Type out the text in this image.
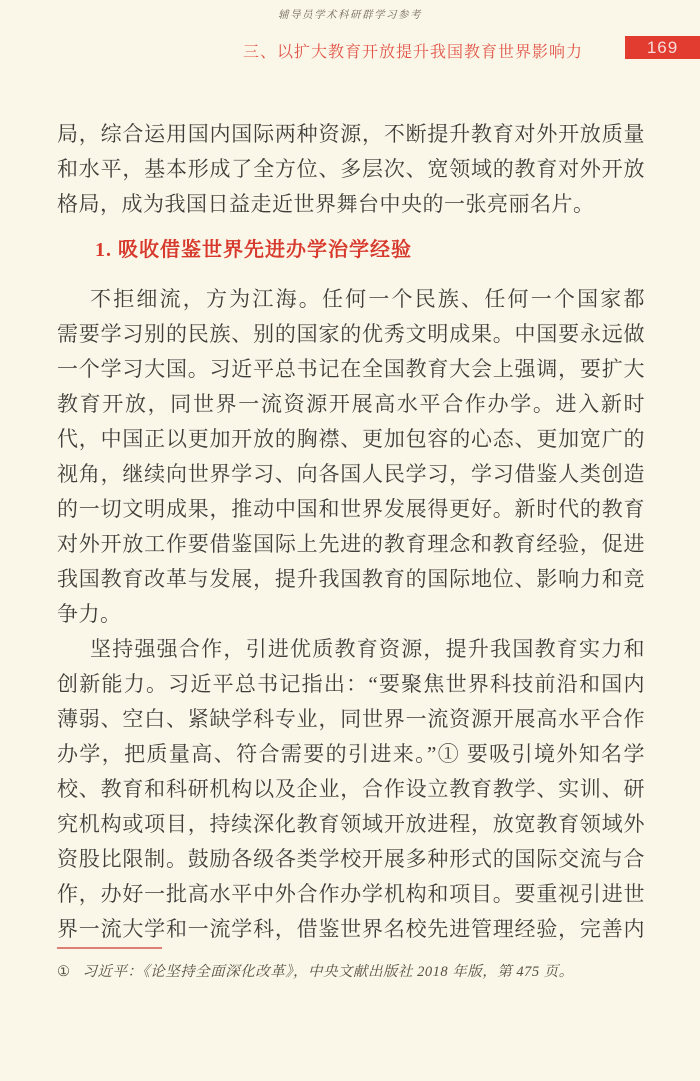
辅导员学术科研群学习参考
三、以扩大教育开放提升我国教育世界影响力	169
局，综合运用国内国际两种资源，不断提升教育对外开放质量
和水平，基本形成了全方位、多层次、宽领域的教育对外开放
格局，成为我国日益走近世界舞台中央的一张亮丽名片。
1. 吸收借鉴世界先进办学治学经验
不拒细流，方为江海。任何一个民族、任何一个国家都
需要学习别的民族、别的国家的优秀文明成果。中国要永远做
一个学习大国。习近平总书记在全国教育大会上强调，要扩大
教育开放，同世界一流资源开展高水平合作办学。进入新时
代，中国正以更加开放的胸襟、更加包容的心态、更加宽广的
视角，继续向世界学习、向各国人民学习，学习借鉴人类创造
的一切文明成果，推动中国和世界发展得更好。新时代的教育
对外开放工作要借鉴国际上先进的教育理念和教育经验，促进
我国教育改革与发展，提升我国教育的国际地位、影响力和竞
争力。
坚持强强合作，引进优质教育资源，提升我国教育实力和
创新能力。习近平总书记指出：“要聚焦世界科技前沿和国内
薄弱、空白、紧缺学科专业，同世界一流资源开展高水平合作
办学，把质量高、符合需要的引进来。”① 要吸引境外知名学
校、教育和科研机构以及企业，合作设立教育教学、实训、研
究机构或项目，持续深化教育领域开放进程，放宽教育领域外
资股比限制。鼓励各级各类学校开展多种形式的国际交流与合
作，办好一批高水平中外合作办学机构和项目。要重视引进世
界一流大学和一流学科，借鉴世界名校先进管理经验，完善内
① 习近平：《论坚持全面深化改革》，中央文献出版社 2018 年版，第 475 页。
